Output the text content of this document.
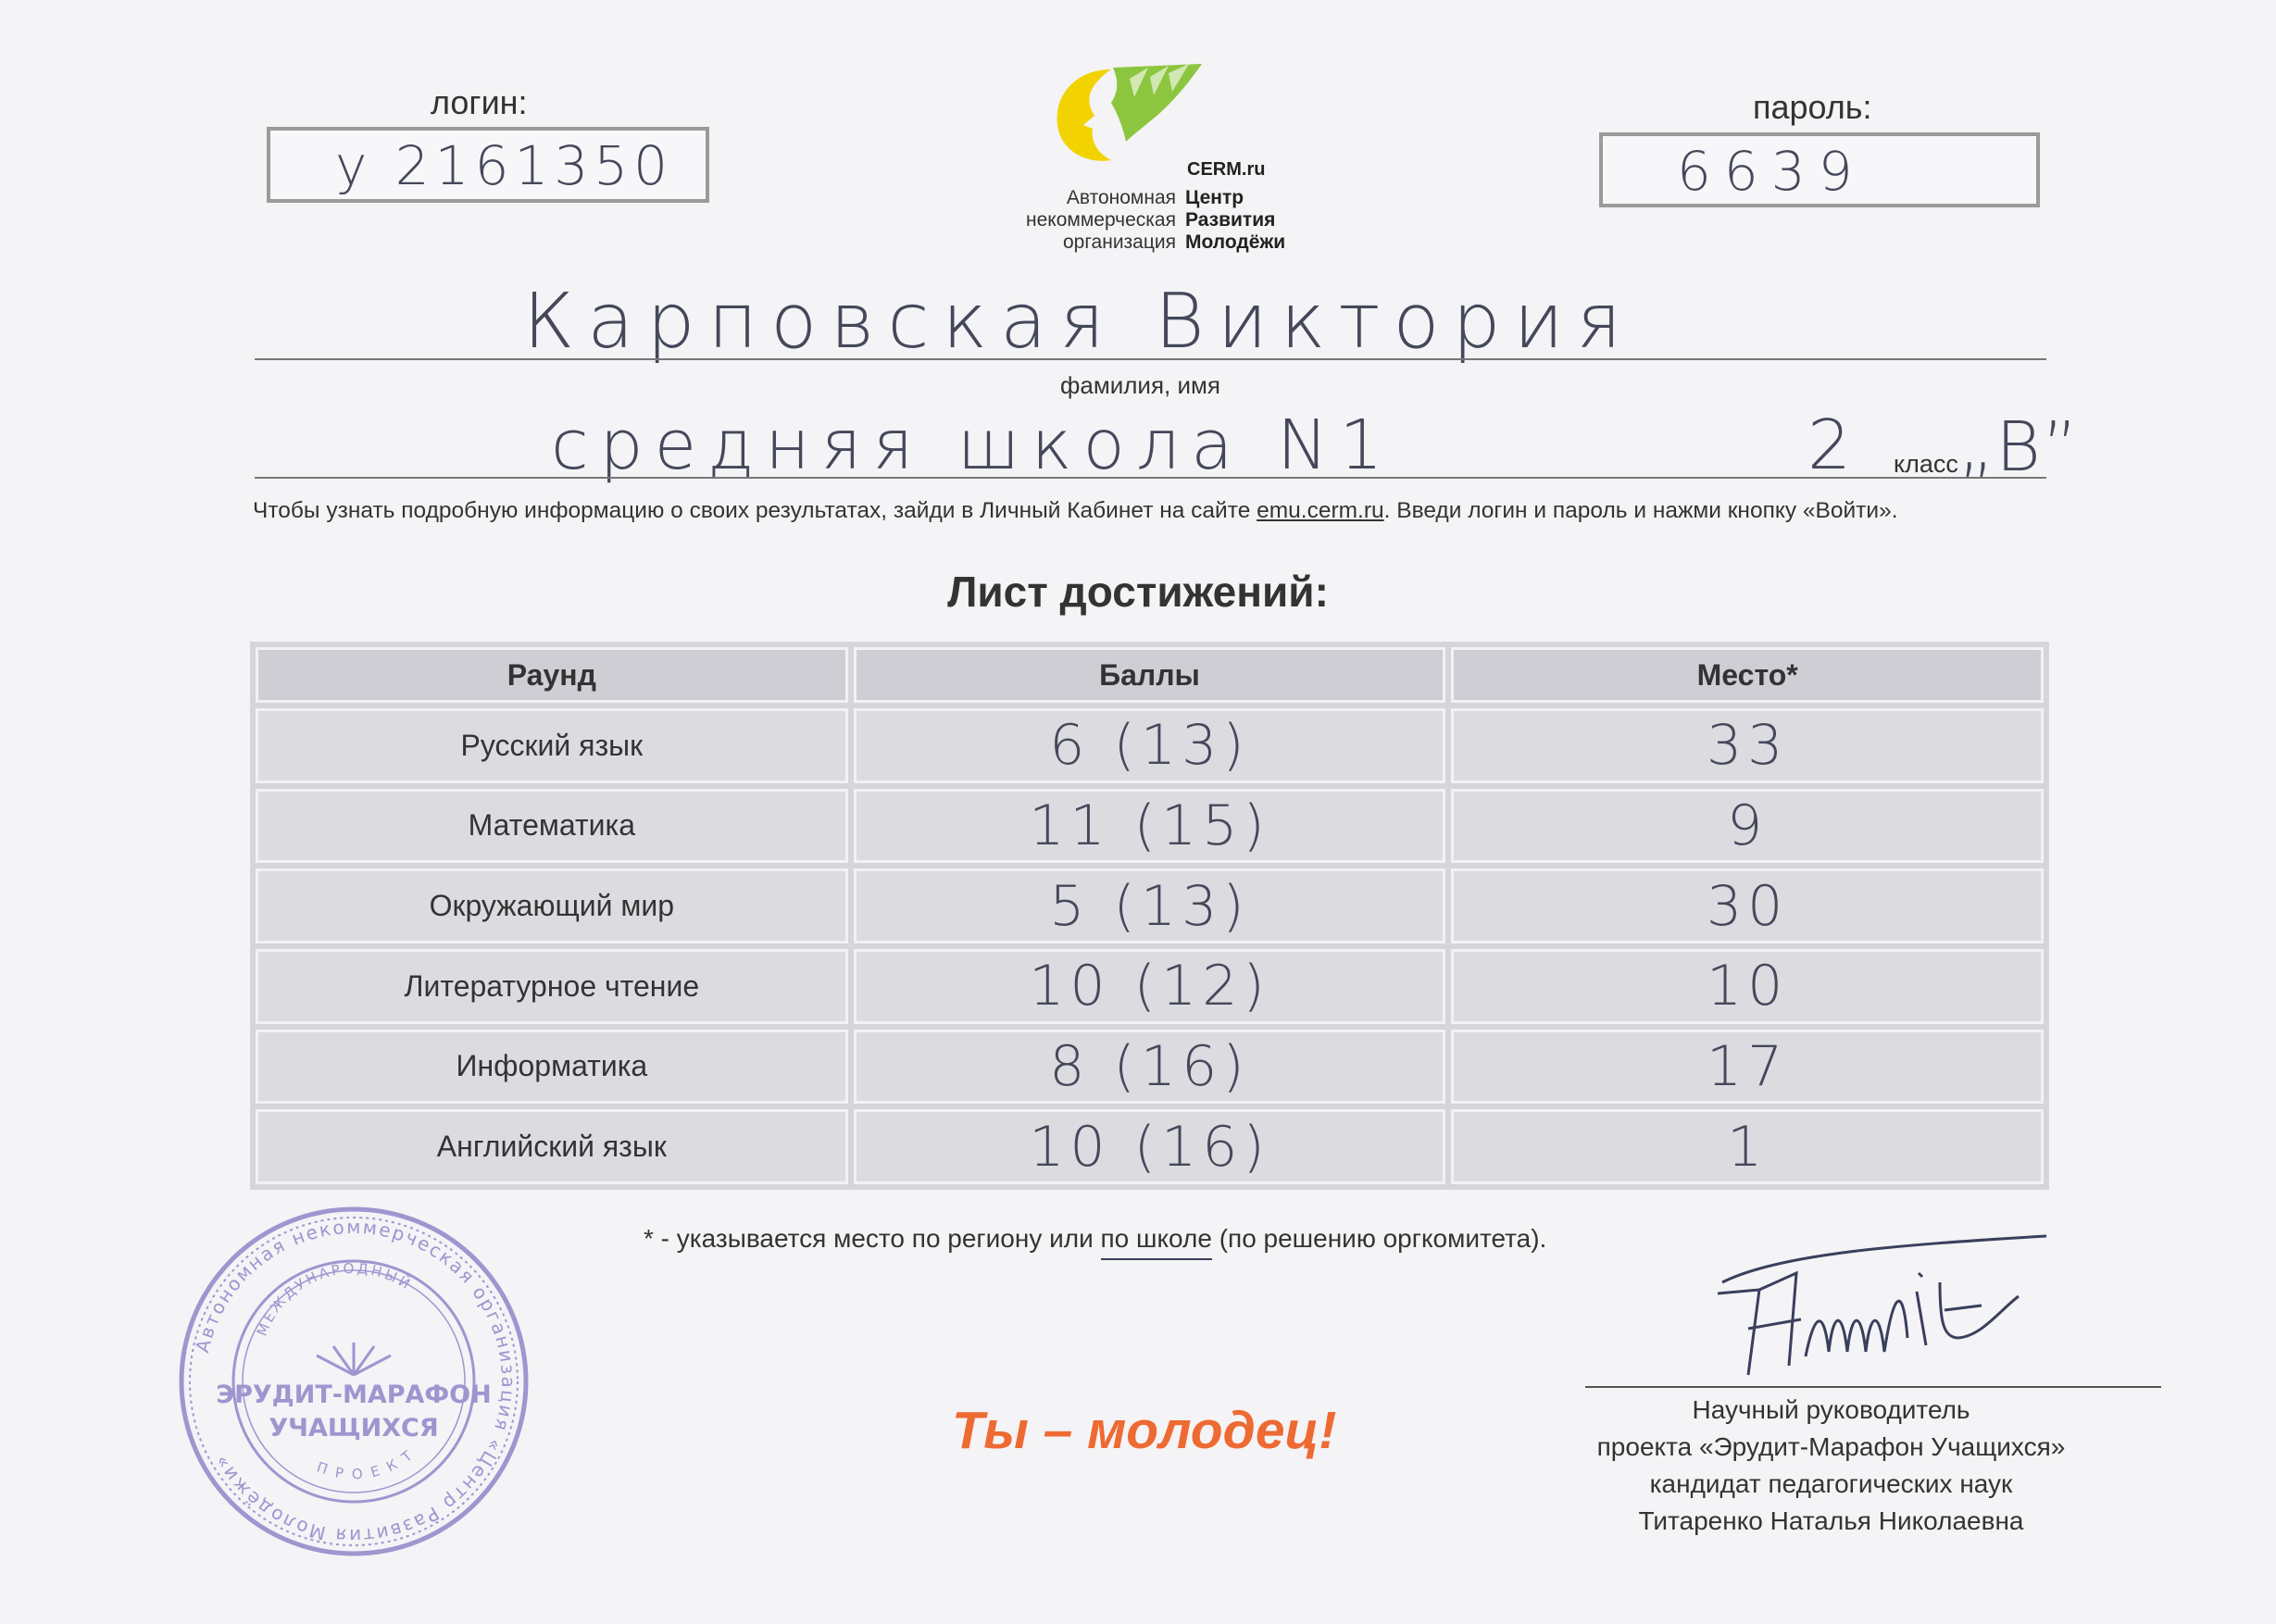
логин:
у 2161350
пароль:
6639
CERM.ru
Автономная
некоммерческая
организация
Центр
Развития
Молодёжи
Карповская Виктория
фамилия, имя
средняя школа N1	2 класс „В”
Чтобы узнать подробную информацию о своих результатах, зайди в Личный Кабинет на сайте emu.cerm.ru. Введи логин и пароль и нажми кнопку «Войти».
Лист достижений:
Раунд	Баллы	Место*
Русский язык	6 (13)	33
Математика	11 (15)	9
Окружающий мир	5 (13)	30
Литературное чтение	10 (12)	10
Информатика	8 (16)	17
Английский язык	10 (16)	1
* - указывается место по региону или по школе (по решению оргкомитета).
Автономная некоммерческая организация «Центр Развития Молодёжи»
МЕЖДУНАРОДНЫЙ
ЭРУДИТ-МАРАФОН
УЧАЩИХСЯ
ПРОЕКТ	Ты – молодец!	Научный руководитель
проекта «Эрудит-Марафон Учащихся»
кандидат педагогических наук
Титаренко Наталья Николаевна
